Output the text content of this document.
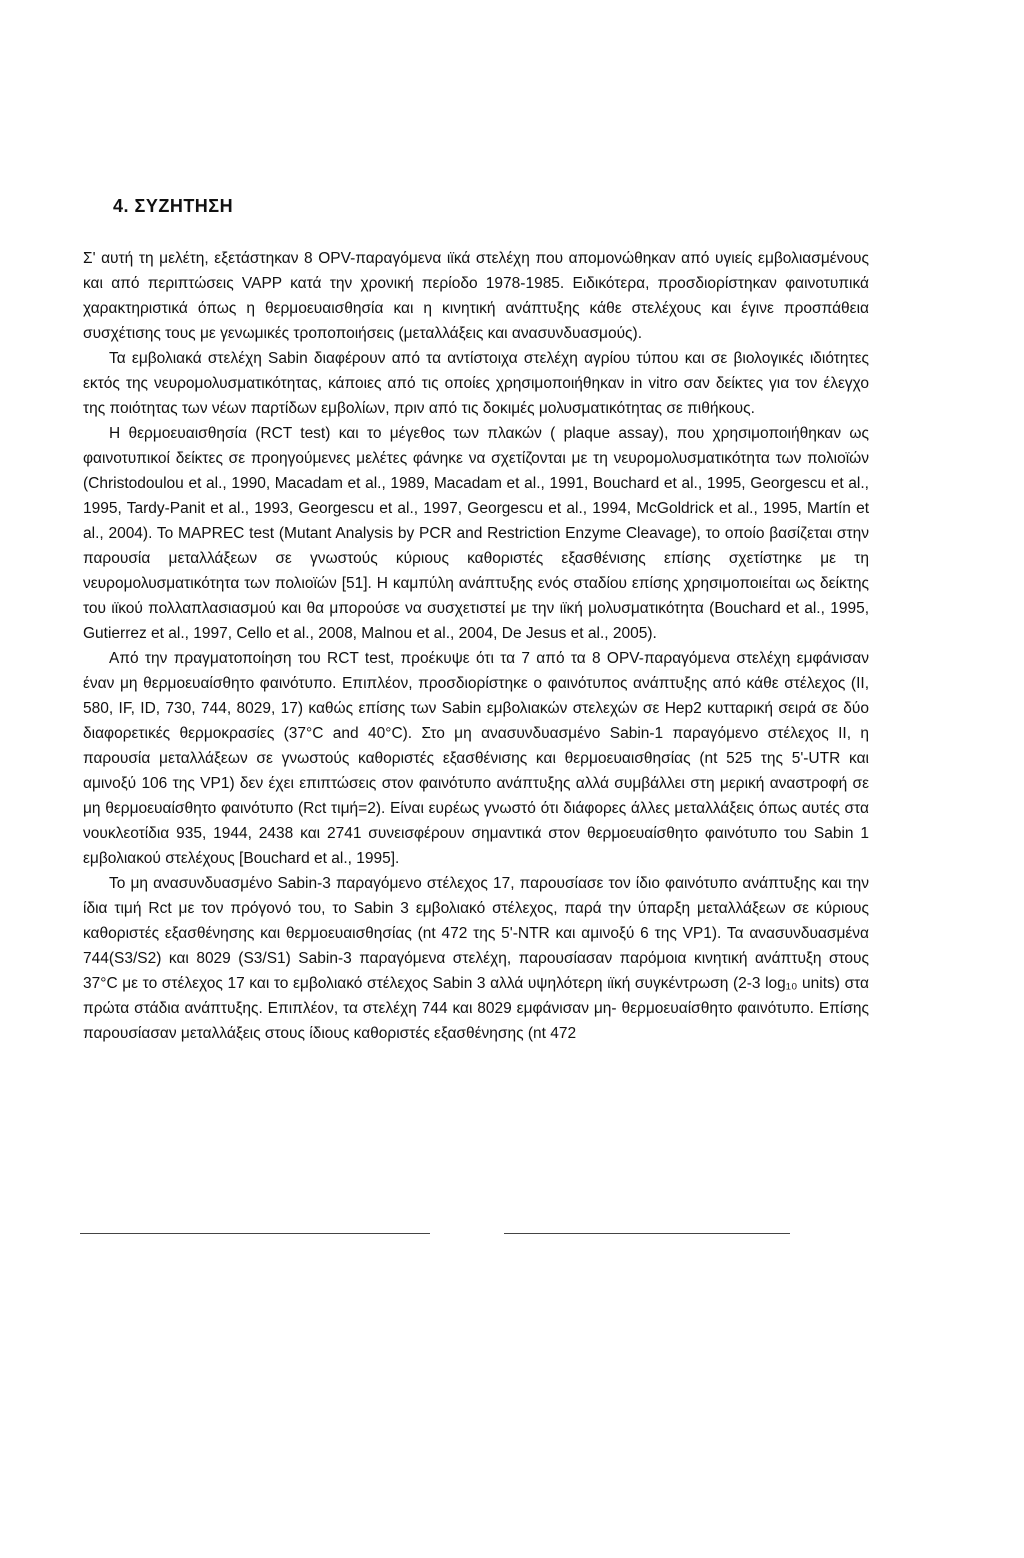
4. ΣΥΖΗΤΗΣΗ

Σ' αυτή τη μελέτη, εξετάστηκαν 8 OPV-παραγόμενα ιϊκά στελέχη που απομονώθηκαν από υγιείς εμβολιασμένους και από περιπτώσεις VAPP κατά την χρονική περίοδο 1978-1985. Ειδικότερα, προσδιορίστηκαν φαινοτυπικά χαρακτηριστικά όπως η θερμοευαισθησία και η κινητική ανάπτυξης κάθε στελέχους και έγινε προσπάθεια συσχέτισης τους με γενωμικές τροποποιήσεις (μεταλλάξεις και ανασυνδυασμούς).

Τα εμβολιακά στελέχη Sabin διαφέρουν από τα αντίστοιχα στελέχη αγρίου τύπου και σε βιολογικές ιδιότητες εκτός της νευρομολυσματικότητας, κάποιες από τις οποίες χρησιμοποιήθηκαν in vitro σαν δείκτες για τον έλεγχο της ποιότητας των νέων παρτίδων εμβολίων, πριν από τις δοκιμές μολυσματικότητας σε πιθήκους.

Η θερμοευαισθησία (RCT test) και το μέγεθος των πλακών ( plaque assay), που χρησιμοποιήθηκαν ως φαινοτυπικοί δείκτες σε προηγούμενες μελέτες φάνηκε να σχετίζονται με τη νευρομολυσματικότητα των πολιοϊών (Christodoulou et al., 1990, Macadam et al., 1989, Macadam et al., 1991, Bouchard et al., 1995, Georgescu et al., 1995, Tardy-Panit et al., 1993, Georgescu et al., 1997, Georgescu et al., 1994, McGoldrick et al., 1995, Martín et al., 2004). Το MAPREC test (Mutant Analysis by PCR and Restriction Enzyme Cleavage), το οποίο βασίζεται στην παρουσία μεταλλάξεων σε γνωστούς κύριους καθοριστές εξασθένισης επίσης σχετίστηκε με τη νευρομολυσματικότητα των πολιοϊών [51]. Η καμπύλη ανάπτυξης ενός σταδίου επίσης χρησιμοποιείται ως δείκτης του ιϊκού πολλαπλασιασμού και θα μπορούσε να συσχετιστεί με την ιϊκή μολυσματικότητα (Bouchard et al., 1995, Gutierrez et al., 1997, Cello et al., 2008, Malnou et al., 2004, De Jesus et al., 2005).

Από την πραγματοποίηση του RCT test, προέκυψε ότι τα 7 από τα 8 OPV-παραγόμενα στελέχη εμφάνισαν έναν μη θερμοευαίσθητο φαινότυπο. Επιπλέον, προσδιορίστηκε ο φαινότυπος ανάπτυξης από κάθε στέλεχος (II, 580, IF, ID, 730, 744, 8029, 17) καθώς επίσης των Sabin εμβολιακών στελεχών σε Hep2 κυτταρική σειρά σε δύο διαφορετικές θερμοκρασίες (37°C and 40°C). Στο μη ανασυνδυασμένο Sabin-1 παραγόμενο στέλεχος II, η παρουσία μεταλλάξεων σε γνωστούς καθοριστές εξασθένισης και θερμοευαισθησίας (nt 525 της 5'-UTR και αμινοξύ 106 της VP1) δεν έχει επιπτώσεις στον φαινότυπο ανάπτυξης αλλά συμβάλλει στη μερική αναστροφή σε μη θερμοευαίσθητο φαινότυπο (Rct τιμή=2). Είναι ευρέως γνωστό ότι διάφορες άλλες μεταλλάξεις όπως αυτές στα νουκλεοτίδια 935, 1944, 2438 και 2741 συνεισφέρουν σημαντικά στον θερμοευαίσθητο φαινότυπο του Sabin 1 εμβολιακού στελέχους [Bouchard et al., 1995].

Το μη ανασυνδυασμένο Sabin-3 παραγόμενο στέλεχος 17, παρουσίασε τον ίδιο φαινότυπο ανάπτυξης και την ίδια τιμή Rct με τον πρόγονό του, το Sabin 3 εμβολιακό στέλεχος, παρά την ύπαρξη μεταλλάξεων σε κύριους καθοριστές εξασθένησης και θερμοευαισθησίας (nt 472 της 5'-NTR και αμινοξύ 6 της VP1). Τα ανασυνδυασμένα 744(S3/S2) και 8029 (S3/S1) Sabin-3 παραγόμενα στελέχη, παρουσίασαν παρόμοια κινητική ανάπτυξη στους 37°C με το στέλεχος 17 και το εμβολιακό στέλεχος Sabin 3 αλλά υψηλότερη ιϊκή συγκέντρωση (2-3 log₁₀ units) στα πρώτα στάδια ανάπτυξης. Επιπλέον, τα στελέχη 744 και 8029 εμφάνισαν μη- θερμοευαίσθητο φαινότυπο. Επίσης παρουσίασαν μεταλλάξεις στους ίδιους καθοριστές εξασθένησης (nt 472
